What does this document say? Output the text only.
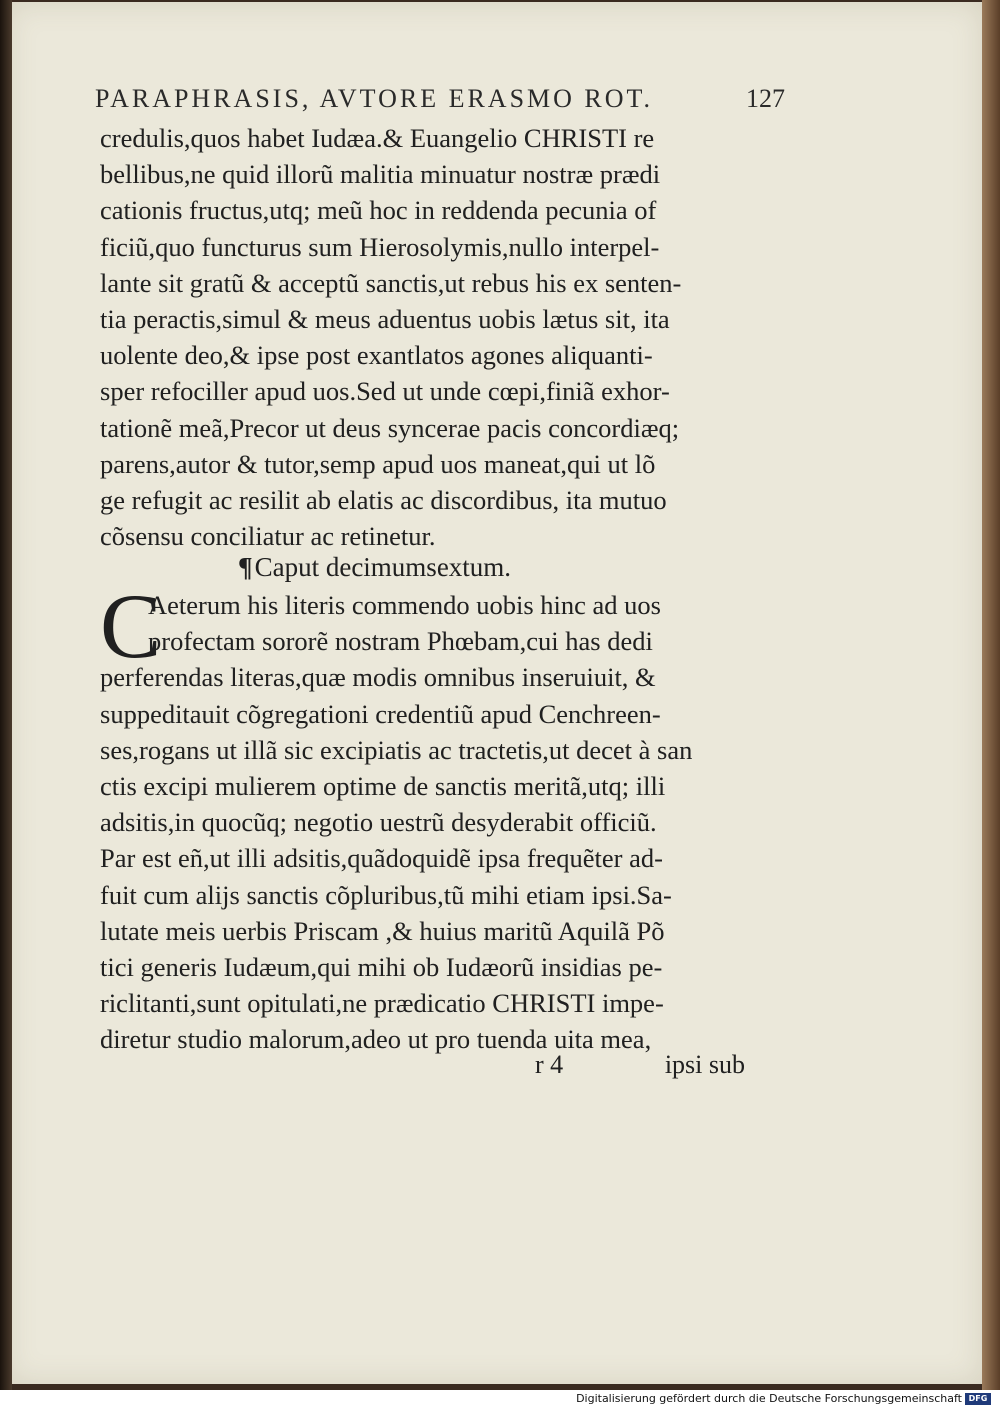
PARAPHRASIS, AVTORE ERASMO ROT.	127
credulis,quos habet Iudæa.& Euangelio CHRISTI re
bellibus,ne quid illorũ malitia minuatur nostræ prædi
cationis fructus,utq; meũ hoc in reddenda pecunia of
ficiũ,quo functurus sum Hierosolymis,nullo interpel-
lante sit gratũ & acceptũ sanctis,ut rebus his ex senten-
tia peractis,simul & meus aduentus uobis lætus sit, ita
uolente deo,& ipse post exantlatos agones aliquanti-
sper refociller apud uos.Sed ut unde cœpi,finiã exhor-
tationẽ meã,Precor ut deus syncerae pacis concordiæq;
parens,autor & tutor,semp apud uos maneat,qui ut lõ
ge refugit ac resilit ab elatis ac discordibus, ita mutuo
cõsensu conciliatur ac retinetur.
¶Caput decimumsextum.
C
Aeterum his literis commendo uobis hinc ad uos
profectam sororẽ nostram Phœbam,cui has dedi
perferendas literas,quæ modis omnibus inseruiuit, &
suppeditauit cõgregationi credentiũ apud Cenchreen-
ses,rogans ut illã sic excipiatis ac tractetis,ut decet à san
ctis excipi mulierem optime de sanctis meritã,utq; illi
adsitis,in quocũq; negotio uestrũ desyderabit officiũ.
Par est eñ,ut illi adsitis,quãdoquidẽ ipsa frequẽter ad-
fuit cum alijs sanctis cõpluribus,tũ mihi etiam ipsi.Sa-
lutate meis uerbis Priscam ,& huius maritũ Aquilã Põ
tici generis Iudæum,qui mihi ob Iudæorũ insidias pe-
riclitanti,sunt opitulati,ne prædicatio CHRISTI impe-
diretur studio malorum,adeo ut pro tuenda uita mea,
r 4	ipsi sub
Digitalisierung gefördert durch die Deutsche Forschungsgemeinschaft DFG
